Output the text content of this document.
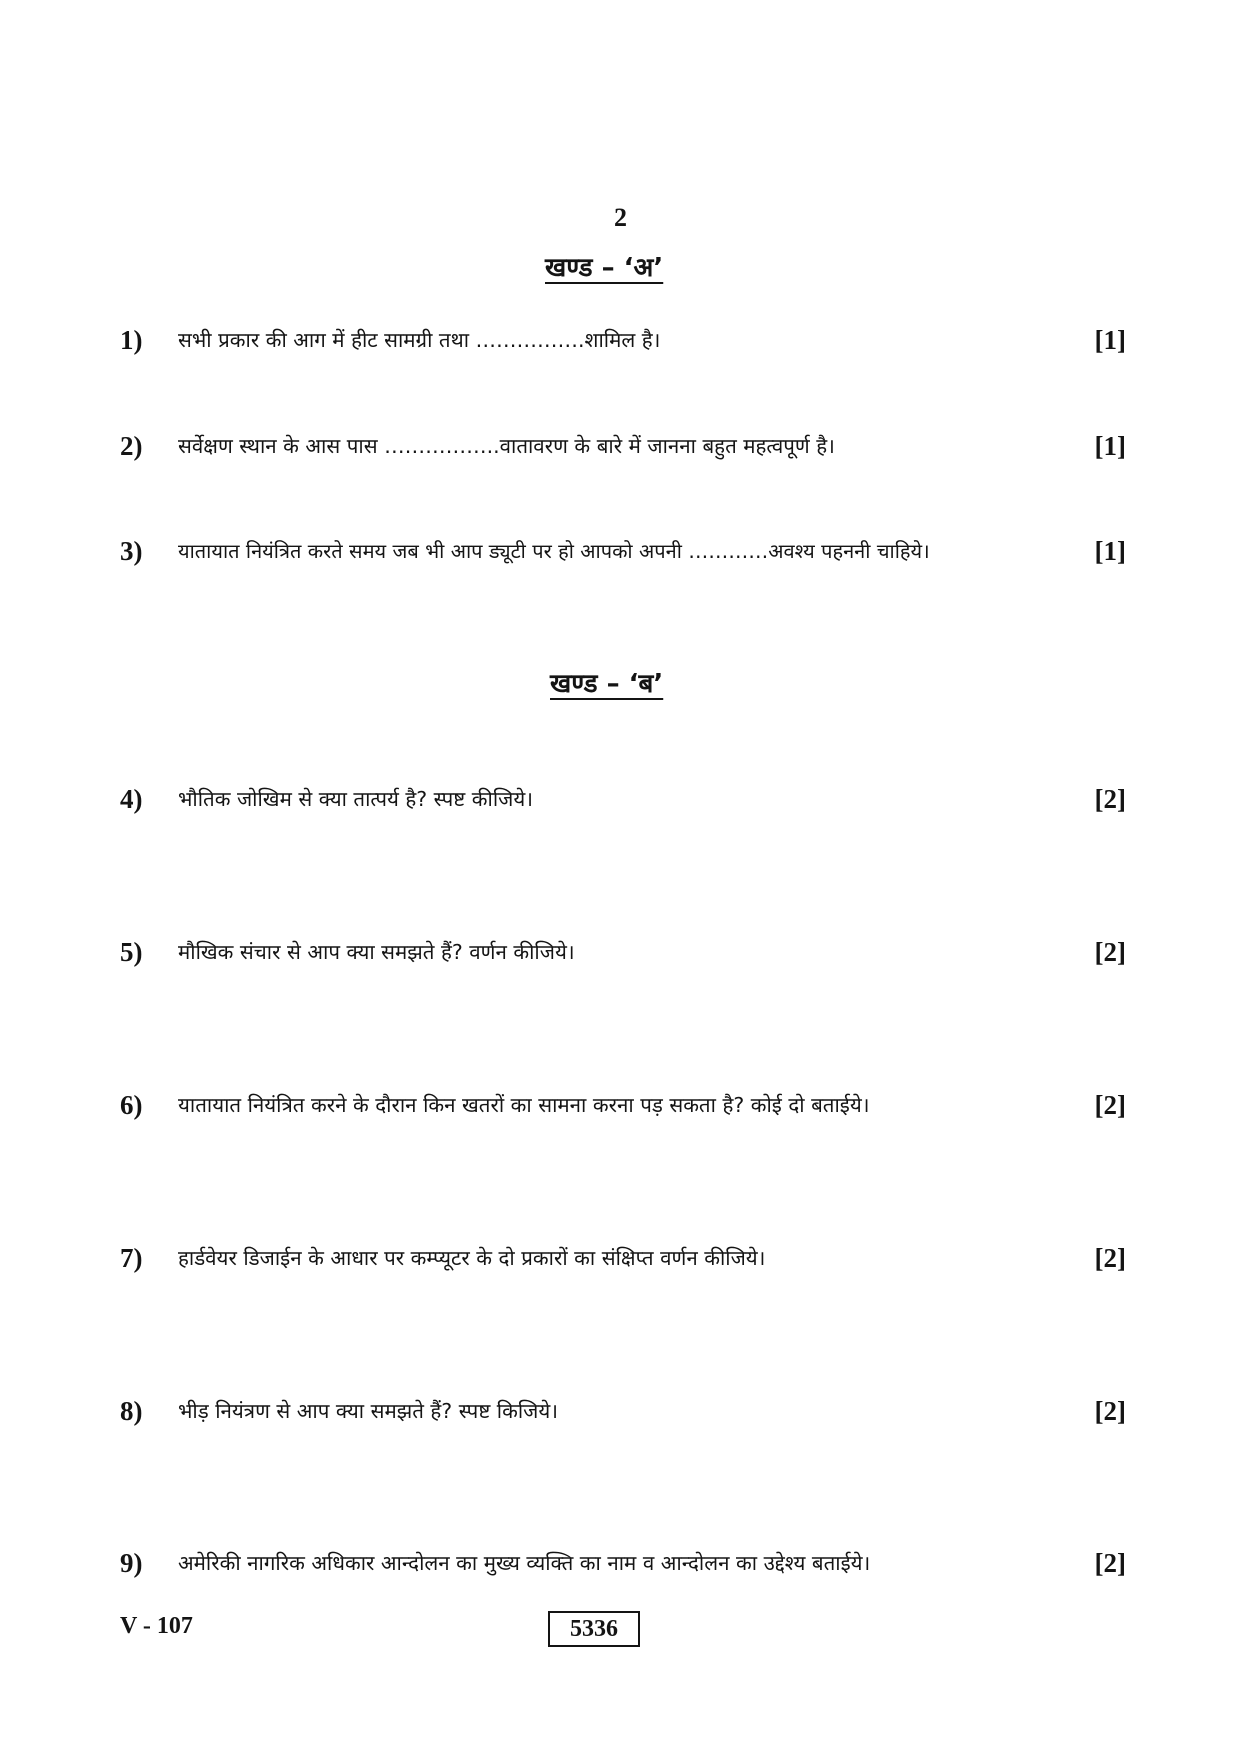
2
खण्ड – ‘अ’
1) सभी प्रकार की आग में हीट सामग्री तथा …………….शामिल है।	[1]
2) सर्वेक्षण स्थान के आस पास ……………..वातावरण के बारे में जानना बहुत महत्वपूर्ण है।	[1]
3) यातायात नियंत्रित करते समय जब भी आप ड्यूटी पर हो आपको अपनी …………अवश्य पहननी चाहिये।	[1]
खण्ड – ‘ब’
4) भौतिक जोखिम से क्या तात्पर्य है? स्पष्ट कीजिये।	[2]
5) मौखिक संचार से आप क्या समझते हैं? वर्णन कीजिये।	[2]
6) यातायात नियंत्रित करने के दौरान किन खतरों का सामना करना पड़ सकता है? कोई दो बताईये।	[2]
7) हार्डवेयर डिजाईन के आधार पर कम्प्यूटर के दो प्रकारों का संक्षिप्त वर्णन कीजिये।	[2]
8) भीड़ नियंत्रण से आप क्या समझते हैं? स्पष्ट किजिये।	[2]
9) अमेरिकी नागरिक अधिकार आन्दोलन का मुख्य व्यक्ति का नाम व आन्दोलन का उद्देश्य बताईये।	[2]
V - 107	5336
